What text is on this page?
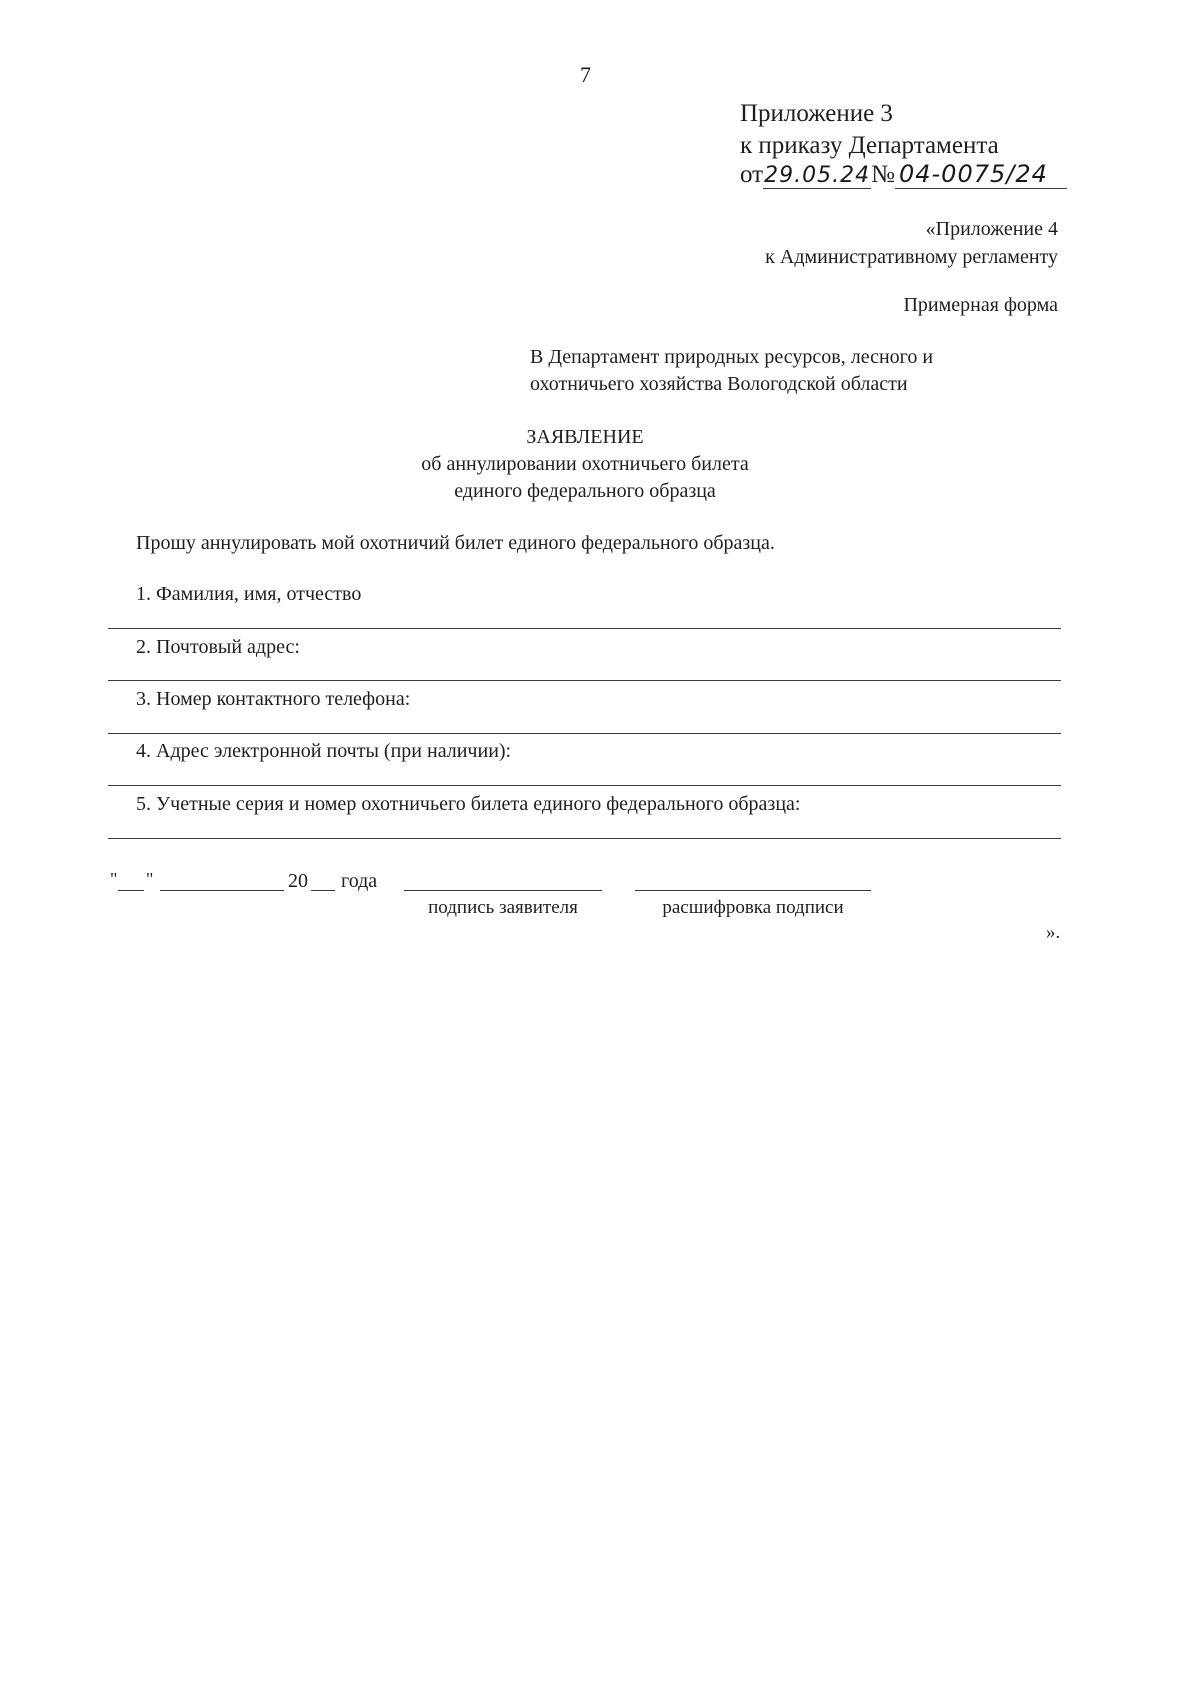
7
Приложение 3
к приказу Департамента
от29.05.24№ 04-0075/24
«Приложение 4
к Административному регламенту
Примерная форма
В Департамент природных ресурсов, лесного и
охотничьего хозяйства Вологодской области
ЗАЯВЛЕНИЕ
об аннулировании охотничьего билета
единого федерального образца
Прошу аннулировать мой охотничий билет единого федерального образца.
1. Фамилия, имя, отчество
2. Почтовый адрес:
3. Номер контактного телефона:
4. Адрес электронной почты (при наличии):
5. Учетные серия и номер охотничьего билета единого федерального образца:
" "	20 года
подпись заявителя	расшифровка подписи
».
